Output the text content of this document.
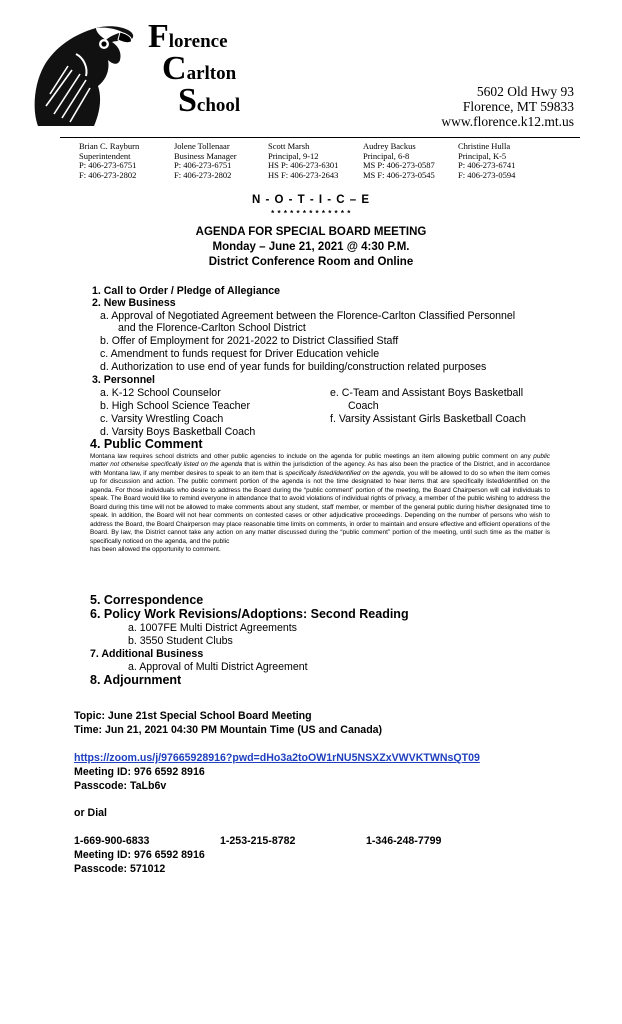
Florence
Carlton
School
5602 Old Hwy 93
Florence, MT 59833
www.florence.k12.mt.us
Brian C. Rayburn
Superintendent
P: 406-273-6751
F: 406-273-2802
Jolene Tollenaar
Business Manager
P: 406-273-6751
F: 406-273-2802
Scott Marsh
Principal, 9-12
HS P: 406-273-6301
HS F: 406-273-2643
Audrey Backus
Principal, 6-8
MS P: 406-273-0587
MS F: 406-273-0545
Christine Hulla
Principal, K-5
P: 406-273-6741
F: 406-273-0594
N - O - T - I - C – E
* * * * * * * * * * * * *
AGENDA FOR SPECIAL BOARD MEETING
Monday – June 21, 2021 @ 4:30 P.M.
District Conference Room and Online
1. Call to Order / Pledge of Allegiance
2. New Business
a. Approval of Negotiated Agreement between the Florence-Carlton Classified Personnel
and the Florence-Carlton School District
b. Offer of Employment for 2021-2022 to District Classified Staff
c. Amendment to funds request for Driver Education vehicle
d. Authorization to use end of year funds for building/construction related purposes
3. Personnel
a. K-12 School Counselor
b. High School Science Teacher
c. Varsity Wrestling Coach
d. Varsity Boys Basketball Coach
e. C-Team and Assistant Boys Basketball
Coach
f. Varsity Assistant Girls Basketball Coach
4. Public Comment
Montana law requires school districts and other public agencies to include on the agenda for public meetings an item allowing public comment on any public matter not otherwise specifically listed on the agenda that is within the jurisdiction of the agency. As has also been the practice of the District, and in accordance with Montana law, if any member desires to speak to an item that is specifically listed/identified on the agenda, you will be allowed to do so when the item comes up for discussion and action. The public comment portion of the agenda is not the time designated to hear items that are specifically listed/identified on the agenda. For those individuals who desire to address the Board during the “public comment” portion of the meeting, the Board Chairperson will call individuals to speak. The Board would like to remind everyone in attendance that to avoid violations of individual rights of privacy, a member of the public wishing to address the Board during this time will not be allowed to make comments about any student, staff member, or member of the general public during his/her designated time to speak. In addition, the Board will not hear comments on contested cases or other adjudicative proceedings. Depending on the number of persons who wish to address the Board, the Board Chairperson may place reasonable time limits on comments, in order to maintain and ensure effective and efficient operations of the Board. By law, the District cannot take any action on any matter discussed during the “public comment” portion of the meeting, until such time as the matter is specifically noticed on the agenda, and the public
has been allowed the opportunity to comment.
5. Correspondence
6. Policy Work Revisions/Adoptions: Second Reading
a. 1007FE Multi District Agreements
b. 3550 Student Clubs
7. Additional Business
a. Approval of Multi District Agreement
8. Adjournment
Topic: June 21st Special School Board Meeting
Time: Jun 21, 2021 04:30 PM Mountain Time (US and Canada)
https://zoom.us/j/97665928916?pwd=dHo3a2toOW1rNU5NSXZxVWVKTWNsQT09
Meeting ID: 976 6592 8916
Passcode: TaLb6v
or Dial
1-669-900-6833	1-253-215-8782	1-346-248-7799
Meeting ID: 976 6592 8916
Passcode: 571012
